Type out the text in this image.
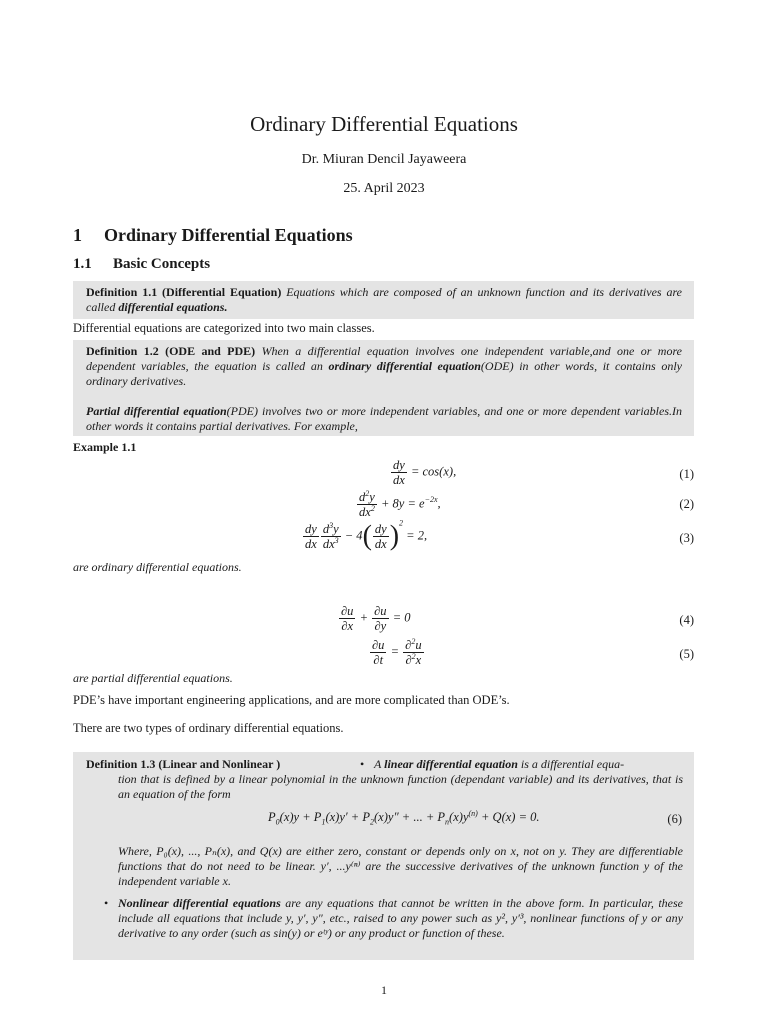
Ordinary Differential Equations
Dr. Miuran Dencil Jayaweera
25. April 2023
1 Ordinary Differential Equations
1.1 Basic Concepts
Definition 1.1 (Differential Equation) Equations which are composed of an unknown function and its derivatives are called differential equations.
Differential equations are categorized into two main classes.
Definition 1.2 (ODE and PDE) When a differential equation involves one independent variable,and one or more dependent variables, the equation is called an ordinary differential equation(ODE) in other words, it contains only ordinary derivatives.
Partial differential equation(PDE) involves two or more independent variables, and one or more dependent variables.In other words it contains partial derivatives. For example,
Example 1.1
$\frac{dy}{dx} = \cos(x)$,	(1)
$\frac{d^2y}{dx^2} + 8y = e^{-2x}$,	(2)
$\frac{dy}{dx} \frac{d^3y}{dx^3} - 4( \frac{dy}{dx} )^2 = 2$,	(3)
are ordinary differential equations.
$\frac{\partial u}{\partial x} + \frac{\partial u}{\partial y} = 0$	(4)
$\frac{\partial u}{\partial t} = \frac{\partial^2u}{\partial^2x}$	(5)
are partial differential equations.
PDE’s have important engineering applications, and are more complicated than ODE’s.
There are two types of ordinary differential equations.
Definition 1.3 (Linear and Nonlinear )	• A linear differential equation is a differential equa-
tion that is defined by a linear polynomial in the unknown function (dependant variable) and its derivatives, that is an equation of the form
$P_0(x)y + P_1(x)y' + P_2(x)y''$ + ... + $P_n(x)y^{(n)} + Q(x) = 0$.	(6)
Where, P₀(x), ..., Pₙ(x), and Q(x) are either zero, constant or depends only on x, not on y. They are differentiable functions that do not need to be linear. y′, ...y⁽ⁿ⁾ are the successive derivatives of the unknown function y of the independent variable x.
• Nonlinear differential equations are any equations that cannot be written in the above form. In particular, these include all equations that include y, y′, y″, etc., raised to any power such as y², y′³, nonlinear functions of y or any derivative to any order (such as sin(y) or eᵗʸ) or any product or function of these.
1
